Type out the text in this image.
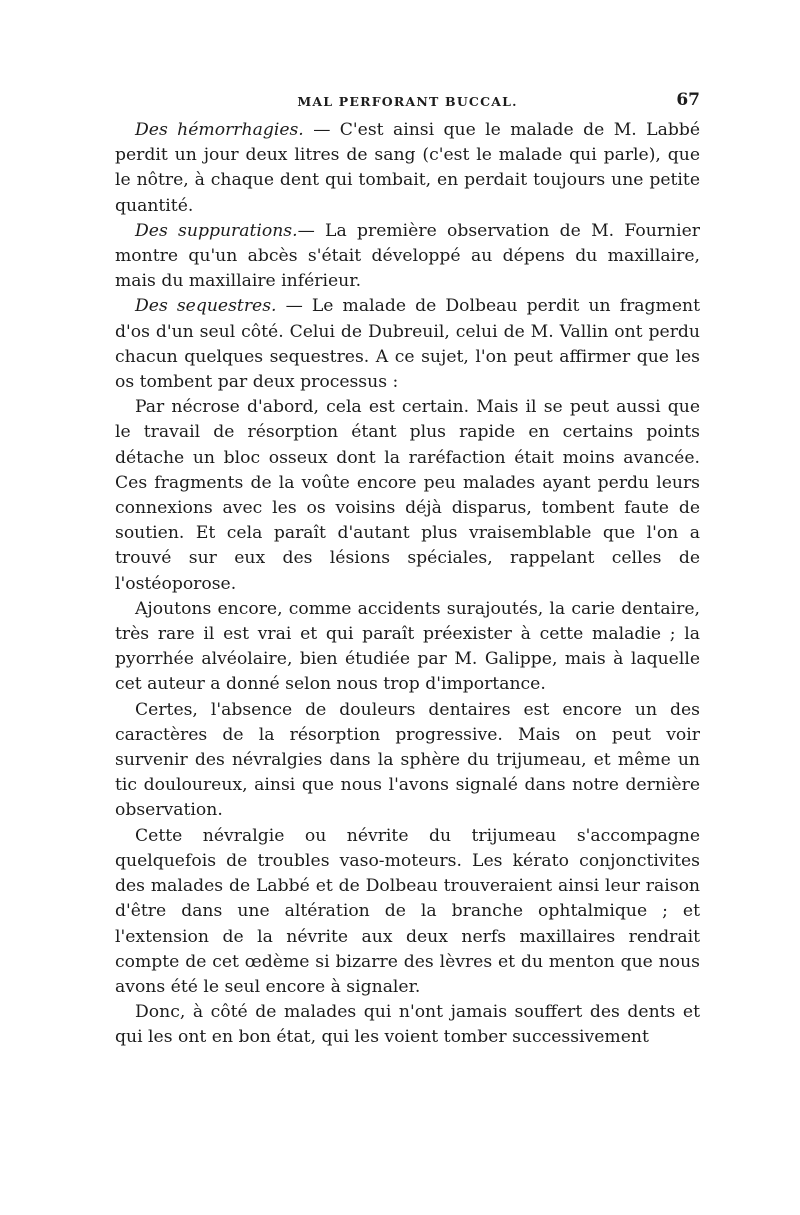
MAL PERFORANT BUCCAL.	67

Des hémorrhagies. — C'est ainsi que le malade de M. Labbé perdit un jour deux litres de sang (c'est le malade qui parle), que le nôtre, à chaque dent qui tombait, en perdait toujours une petite quantité.

Des suppurations.— La première observation de M. Fournier montre qu'un abcès s'était développé au dépens du maxillaire, mais du maxillaire inférieur.

Des sequestres. — Le malade de Dolbeau perdit un fragment d'os d'un seul côté. Celui de Dubreuil, celui de M. Vallin ont perdu chacun quelques sequestres. A ce sujet, l'on peut affirmer que les os tombent par deux processus :

Par nécrose d'abord, cela est certain. Mais il se peut aussi que le travail de résorption étant plus rapide en certains points détache un bloc osseux dont la raréfaction était moins avancée. Ces fragments de la voûte encore peu malades ayant perdu leurs connexions avec les os voisins déjà disparus, tombent faute de soutien. Et cela paraît d'autant plus vraisemblable que l'on a trouvé sur eux des lésions spéciales, rappelant celles de l'ostéoporose.

Ajoutons encore, comme accidents surajoutés, la carie dentaire, très rare il est vrai et qui paraît préexister à cette maladie ; la pyorrhée alvéolaire, bien étudiée par M. Galippe, mais à laquelle cet auteur a donné selon nous trop d'importance.

Certes, l'absence de douleurs dentaires est encore un des caractères de la résorption progressive. Mais on peut voir survenir des névralgies dans la sphère du trijumeau, et même un tic douloureux, ainsi que nous l'avons signalé dans notre dernière observation.

Cette névralgie ou névrite du trijumeau s'accompagne quelquefois de troubles vaso-moteurs. Les kérato conjonctivites des malades de Labbé et de Dolbeau trouveraient ainsi leur raison d'être dans une altération de la branche ophtalmique ; et l'extension de la névrite aux deux nerfs maxillaires rendrait compte de cet œdème si bizarre des lèvres et du menton que nous avons été le seul encore à signaler.

Donc, à côté de malades qui n'ont jamais souffert des dents et qui les ont en bon état, qui les voient tomber successivement
